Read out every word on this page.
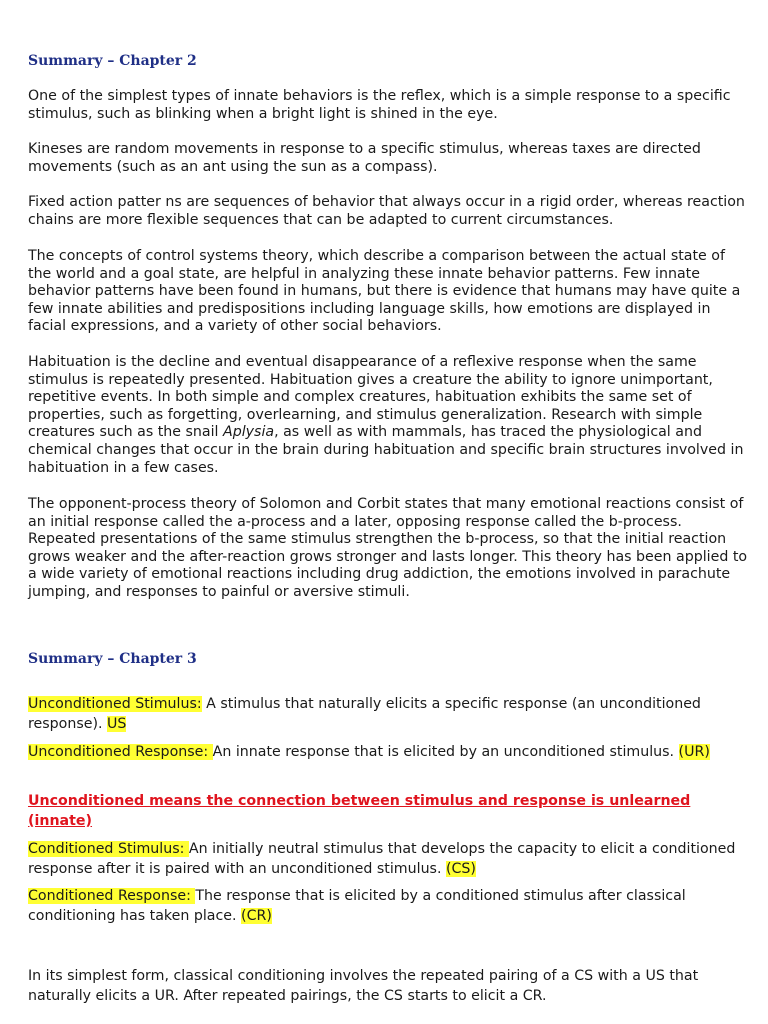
Summary – Chapter 2

One of the simplest types of innate behaviors is the reflex, which is a simple response to a specific stimulus, such as blinking when a bright light is shined in the eye.

Kineses are random movements in response to a specific stimulus, whereas taxes are directed movements (such as an ant using the sun as a compass).

Fixed action patter ns are sequences of behavior that always occur in a rigid order, whereas reaction chains are more flexible sequences that can be adapted to current circumstances.

The concepts of control systems theory, which describe a comparison between the actual state of the world and a goal state, are helpful in analyzing these innate behavior patterns. Few innate behavior patterns have been found in humans, but there is evidence that humans may have quite a few innate abilities and predispositions including language skills, how emotions are displayed in facial expressions, and a variety of other social behaviors.

Habituation is the decline and eventual disappearance of a reflexive response when the same stimulus is repeatedly presented. Habituation gives a creature the ability to ignore unimportant, repetitive events. In both simple and complex creatures, habituation exhibits the same set of properties, such as forgetting, overlearning, and stimulus generalization. Research with simple creatures such as the snail Aplysia, as well as with mammals, has traced the physiological and chemical changes that occur in the brain during habituation and specific brain structures involved in habituation in a few cases.

The opponent-process theory of Solomon and Corbit states that many emotional reactions consist of an initial response called the a-process and a later, opposing response called the b-process. Repeated presentations of the same stimulus strengthen the b-process, so that the initial reaction grows weaker and the after-reaction grows stronger and lasts longer. This theory has been applied to a wide variety of emotional reactions including drug addiction, the emotions involved in parachute jumping, and responses to painful or aversive stimuli.

Summary – Chapter 3

Unconditioned Stimulus: A stimulus that naturally elicits a specific response (an unconditioned response). US

Unconditioned Response: An innate response that is elicited by an unconditioned stimulus. (UR)

Unconditioned means the connection between stimulus and response is unlearned (innate)

Conditioned Stimulus: An initially neutral stimulus that develops the capacity to elicit a conditioned response after it is paired with an unconditioned stimulus. (CS)

Conditioned Response: The response that is elicited by a conditioned stimulus after classical conditioning has taken place. (CR)

In its simplest form, classical conditioning involves the repeated pairing of a CS with a US that naturally elicits a UR. After repeated pairings, the CS starts to elicit a CR.
